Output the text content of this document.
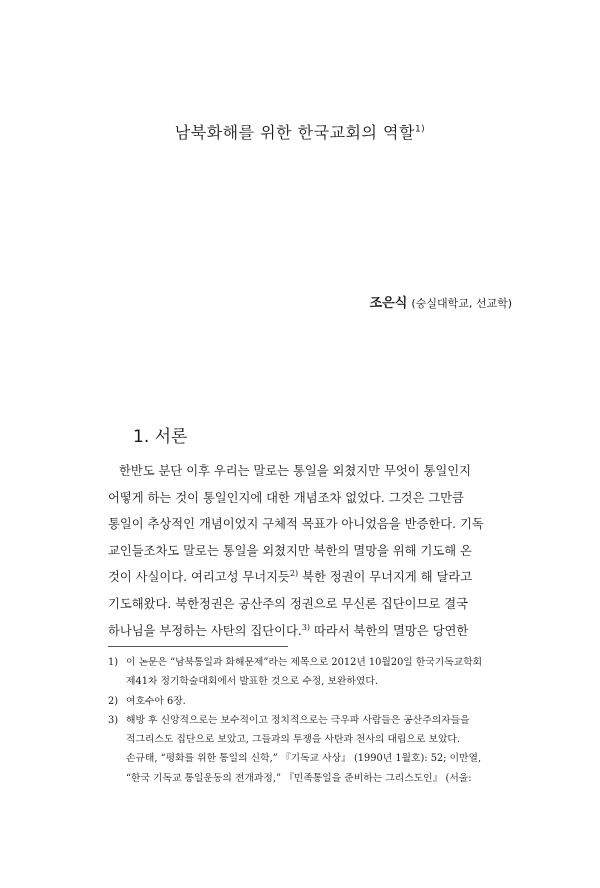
남북화해를 위한 한국교회의 역할$^{1)}$
조은식 (숭실대학교, 선교학)
1. 서론
한반도 분단 이후 우리는 말로는 통일을 외쳤지만 무엇이 통일인지
어떻게 하는 것이 통일인지에 대한 개념조차 없었다. 그것은 그만큼
통일이 추상적인 개념이었지 구체적 목표가 아니었음을 반증한다. 기독
교인들조차도 말로는 통일을 외쳤지만 북한의 멸망을 위해 기도해 온
것이 사실이다. 여리고성 무너지듯$^{2)}$ 북한 정권이 무너지게 해 달라고
기도해왔다. 북한정권은 공산주의 정권으로 무신론 집단이므로 결국
하나님을 부정하는 사탄의 집단이다.$^{3)}$ 따라서 북한의 멸망은 당연한
1) 이 논문은 “남북통일과 화해문제”라는 제목으로 2012년 10월20일 한국기독교학회
제41차 정기학술대회에서 발표한 것으로 수정, 보완하였다.
2) 여호수아 6장.
3) 해방 후 신앙적으로는 보수적이고 정치적으로는 극우파 사람들은 공산주의자들을
적그리스도 집단으로 보았고, 그들과의 투쟁을 사탄과 천사의 대립으로 보았다.
손규태, “평화를 위한 통일의 신학,” 『기독교 사상』 (1990년 1월호): 52; 이만열,
“한국 기독교 통일운동의 전개과정,” 『민족통일을 준비하는 그리스도인』 (서울:
